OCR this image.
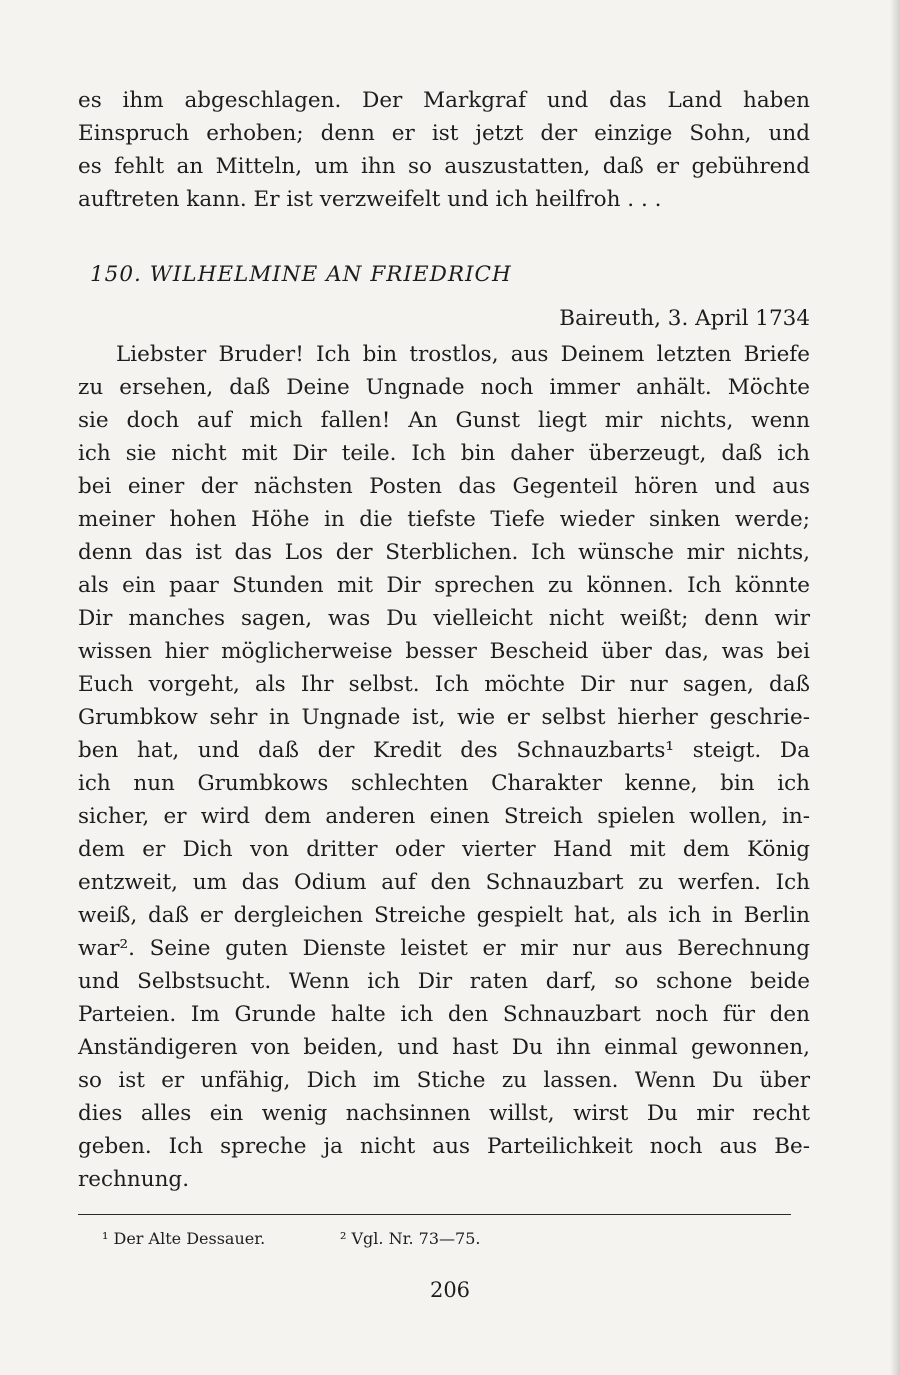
es ihm abgeschlagen. Der Markgraf und das Land haben
Einspruch erhoben; denn er ist jetzt der einzige Sohn, und
es fehlt an Mitteln, um ihn so auszustatten, daß er gebührend
auftreten kann. Er ist verzweifelt und ich heilfroh . . .
150. WILHELMINE AN FRIEDRICH
Baireuth, 3. April 1734
Liebster Bruder! Ich bin trostlos, aus Deinem letzten Briefe
zu ersehen, daß Deine Ungnade noch immer anhält. Möchte
sie doch auf mich fallen! An Gunst liegt mir nichts, wenn
ich sie nicht mit Dir teile. Ich bin daher überzeugt, daß ich
bei einer der nächsten Posten das Gegenteil hören und aus
meiner hohen Höhe in die tiefste Tiefe wieder sinken werde;
denn das ist das Los der Sterblichen. Ich wünsche mir nichts,
als ein paar Stunden mit Dir sprechen zu können. Ich könnte
Dir manches sagen, was Du vielleicht nicht weißt; denn wir
wissen hier möglicherweise besser Bescheid über das, was bei
Euch vorgeht, als Ihr selbst. Ich möchte Dir nur sagen, daß
Grumbkow sehr in Ungnade ist, wie er selbst hierher geschrie-
ben hat, und daß der Kredit des Schnauzbarts¹ steigt. Da
ich nun Grumbkows schlechten Charakter kenne, bin ich
sicher, er wird dem anderen einen Streich spielen wollen, in-
dem er Dich von dritter oder vierter Hand mit dem König
entzweit, um das Odium auf den Schnauzbart zu werfen. Ich
weiß, daß er dergleichen Streiche gespielt hat, als ich in Berlin
war². Seine guten Dienste leistet er mir nur aus Berechnung
und Selbstsucht. Wenn ich Dir raten darf, so schone beide
Parteien. Im Grunde halte ich den Schnauzbart noch für den
Anständigeren von beiden, und hast Du ihn einmal gewonnen,
so ist er unfähig, Dich im Stiche zu lassen. Wenn Du über
dies alles ein wenig nachsinnen willst, wirst Du mir recht
geben. Ich spreche ja nicht aus Parteilichkeit noch aus Be-
rechnung.
¹ Der Alte Dessauer.	² Vgl. Nr. 73—75.
206
